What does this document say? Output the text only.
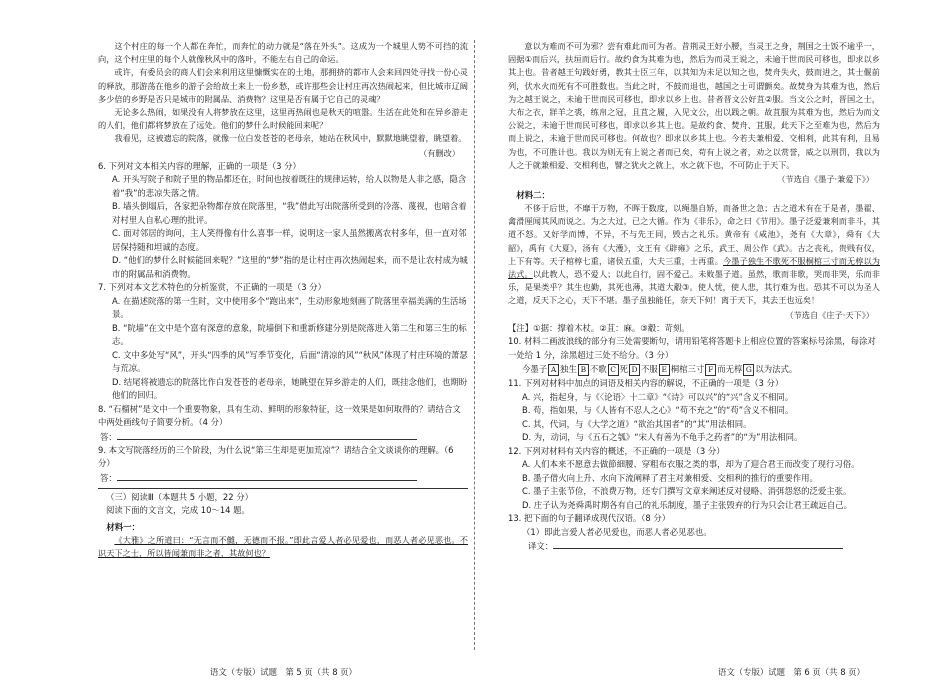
这个村庄的每一个人都在奔忙，而奔忙的动力就是“落在外头”。这成为一个城里人势不可挡的流向，这个村庄里的每个人就像秋风中的落叶，不能左右自己的命运。

或许，有委员会的商人们会来利用这里慷慨实在的土地，那拥挤的都市人会来回四处寻找一份心灵的释放，那游荡在他乡的游子会给故土来上一份乡愁，或许那些会让村庄再次热闹起来，但比城市辽阔多少倍的乡野是否只是城市的附属品、消费物？这里是否有属于它自己的灵魂？

无论多么热闹，如果没有人将梦放在这里，这里再热闹也是秋天的喧嚣。生活在此处和在异乡游走的人们，他们都将梦放在了远处。他们的梦什么时候能回来呢？

我看见，这被遗忘的院落，就像一位白发苍苍的老母亲，她站在秋风中，默默地眺望着，眺望着。

（有删改）

6. 下列对文本相关内容的理解，正确的一项是（3 分）

A. 开头写院子和院子里的物品都还在，时间也按着既往的规律运转，给人以物是人非之感，隐含着“我”的悲凉失落之情。

B. 墙头倒塌后，各家把杂物都存放在院落里，“我”借此写出院落所受到的冷落、蔑视，也暗含着对村里人自私心理的批评。

C. 面对邻居的询问，主人笑得像有什么喜事一样，说明这一家人虽然搬离农村多年，但一直对邻居保持随和坦诚的态度。

D. “他们的梦什么时候能回来呢？”这里的“梦”指的是让村庄再次热闹起来，而不是让农村成为城市的附属品和消费物。

7. 下列对本文艺术特色的分析鉴赏，不正确的一项是（3 分）

A. 在描述院落的第一生时，文中使用多个“跑出来”，生动形象地刻画了院落里幸福美满的生活场景。

B. “院墙”在文中是个富有深意的意象，院墙倒下和重新修建分别是院落进入第二生和第三生的标志。

C. 文中多处写“风”，开头“四季的风”写季节变化，后面“清凉的风”“秋风”体现了村庄环境的萧瑟与荒凉。

D. 结尾将被遗忘的院落比作白发苍苍的老母亲，她眺望在异乡游走的人们，既挂念他们，也期盼他们的回归。

8. “石榴树”是文中一个重要物象，具有生动、鲜明的形象特征，这一效果是如何取得的？请结合文中两处画线句子简要分析。（4 分）

答：

9. 本文写院落经历的三个阶段，为什么说“第三生却是更加荒凉”？请结合全文谈谈你的理解。（6 分）

答：

（三）阅读Ⅲ（本题共 5 小题，22 分）

阅读下面的文言文，完成 10～14 题。

材料一：

《大雅》之所道曰：“无言而不雠，无德而不报。”即此言爱人者必见爱也，而恶人者必见恶也。不识天下之士，所以皆闻兼而非之者，其故何也？

语文（专版）试题　第 5 页（共 8 页）

意以为难而不可为邪？尝有难此而可为者。昔荆灵王好小腰，当灵王之身，荆国之士饭不逾乎一，固据①而后兴，扶垣而后行。故约食为其难为也，然后为而灵王说之，未逾于世而民可移也，即求以乡其上也。昔者越王句践好勇，教其士臣三年，以其知为未足以知之也，焚舟失火，鼓而进之，其士偃前列，伏水火而死有不可胜数也。当此之时，不鼓而退也，越国之士可谓颤矣。故焚身为其难为也，然后为之越王说之，未逾于世而民可移也，即求以乡上也。昔者晋文公好苴②服。当文公之时，晋国之士，大布之衣，牂羊之裘，练帛之冠，且苴之履，入见文公，出以践之朝。故苴服为其难为也，然后为而文公说之，未逾于世而民可移也，即求以乡其上也。是故约食、焚舟、苴服，此天下之至难为也，然后为而上说之，未逾于世而民可移也。何故也？即求以乡其上也。今若夫兼相爱、交相利，此其有利，且易为也，不可胜计也。我以为则无有上说之者而已矣，苟有上说之者，劝之以赏誉，威之以刑罚，我以为人之于就兼相爱、交相利也，譬之犹火之就上，水之就下也，不可防止于天下。

（节选自《墨子·兼爱下》）

材料二：

不侈于后世，不靡于万物，不晖于数度，以绳墨自矫，而备世之急；古之道术有在于是者，墨翟、禽滑厘闻其风而说之。为之大过，已之大循。作为《非乐》，命之曰《节用》。墨子泛爱兼利而非斗，其道不怒。又好学而博，不异，不与先王同，毁古之礼乐。黄帝有《咸池》，尧有《大章》，舜有《大韶》，禹有《大夏》，汤有《大濩》，文王有《辟雍》之乐，武王、周公作《武》。古之丧礼，贵贱有仪，上下有等。天子棺椁七重，诸侯五重，大夫三重，士再重。今墨子独生不歌死不服桐棺三寸而无椁以为法式。以此教人，恐不爱人；以此自行，固不爱己。未败墨子道。虽然，歌而非歌，哭而非哭，乐而非乐，是果类乎？其生也勤，其死也薄，其道大觳③。使人忧，使人悲，其行难为也。恐其不可以为圣人之道，反天下之心，天下不堪。墨子虽独能任，奈天下何！离于天下，其去王也远矣！

（节选自《庄子·天下》）

【注】①据：撑着木杖。②苴：麻。③觳：苛刻。

10. 材料二画波浪线的部分有三处需要断句，请用铅笔将答题卡上相应位置的答案标号涂黑，每涂对一处给 1 分，涂黑超过三处不给分。（3 分）

今墨子 A 独生 B 不歌 C 死 D 不服 E 桐棺三寸 F 而无椁 G 以为法式。

11. 下列对材料中加点的词语及相关内容的解说，不正确的一项是（3 分）

A. 兴，指起身，与《〈论语〉十二章》“《诗》可以兴”的“兴”含义不相同。

B. 苟，指如果，与《人皆有不忍人之心》“苟不充之”的“苟”含义不相同。

C. 其，代词，与《大学之道》“欲治其国者”的“其”用法相同。

D. 为，动词，与《五石之瓠》“宋人有善为不龟手之药者”的“为”用法相同。

12. 下列对材料有关内容的概述，不正确的一项是（3 分）

A. 人们本来不愿意去做節細腰、穿粗布衣服之类的事，却为了迎合君王而改变了现行习俗。

B. 墨子借火向上升、水向下流阐释了君主对兼相爱、交相利的推行的重要作用。

C. 墨子主张节俭，不浪费万物，还专门撰写文章来阐述反对侵略、消弭怨怒的泛爱主张。

D. 庄子认为尧舜禹时期各有自己的礼乐制度，墨子主张毁弃的行为只会让君王疏远自己。

13. 把下面的句子翻译成现代汉语。（8 分）

（1）即此言爱人者必见爱也，而恶人者必见恶也。

译文：

语文（专版）试题　第 6 页（共 8 页）
